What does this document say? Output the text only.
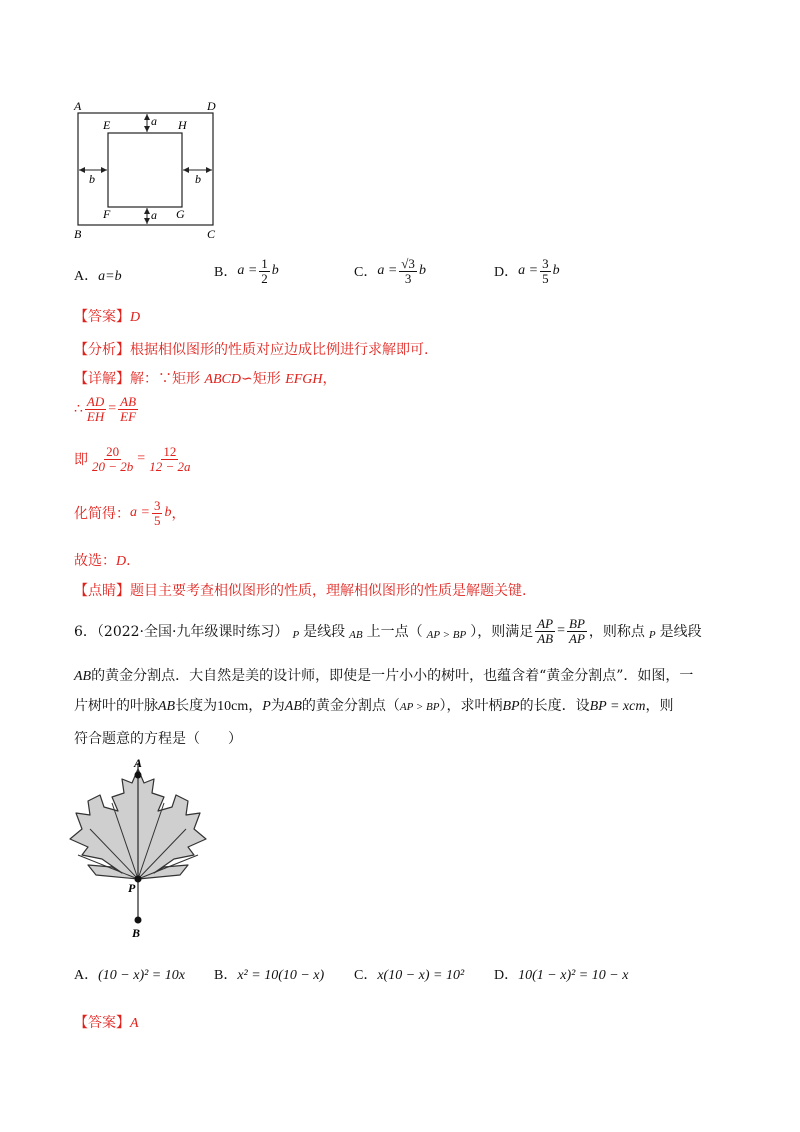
A	D
B	C
E	H
F	G
a
a
b	b
A．a=b	B． $a = \frac{1}{2}$ b	C． $a = \frac{√3}{3}$ b	D． $a = \frac{3}{5}$ b
【答案】D
【分析】根据相似图形的性质对应边成比例进行求解即可.
【详解】解：∵矩形 ABCD∽矩形 EFGH，
∴ $\frac{AD}{EH} = \frac{AB}{EF}$
即 $\frac{20}{20 - 2b} = \frac{12}{12 - 2a}$
化简得： $a = \frac{3}{5}$ b ，
故选：D.
【点睛】题目主要考查相似图形的性质，理解相似图形的性质是解题关键.
6．（2022·全国·九年级课时练习） P 是线段 AB 上一点（ AP > BP ），则满足 $\frac{AP}{AB} = \frac{BP}{AP}$ ，则称点 P 是线段
AB的黄金分割点．大自然是美的设计师，即使是一片小小的树叶，也蕴含着“黄金分割点”．如图，一
片树叶的叶脉AB长度为10cm，P为AB的黄金分割点（AP > BP），求叶柄BP的长度．设BP = xcm，则
符合题意的方程是（　　）
A
P
B
A．(10 − x)² = 10x B．x² = 10(10 − x) C．x(10 − x) = 10² D．10(1 − x)² = 10 − x
【答案】A
